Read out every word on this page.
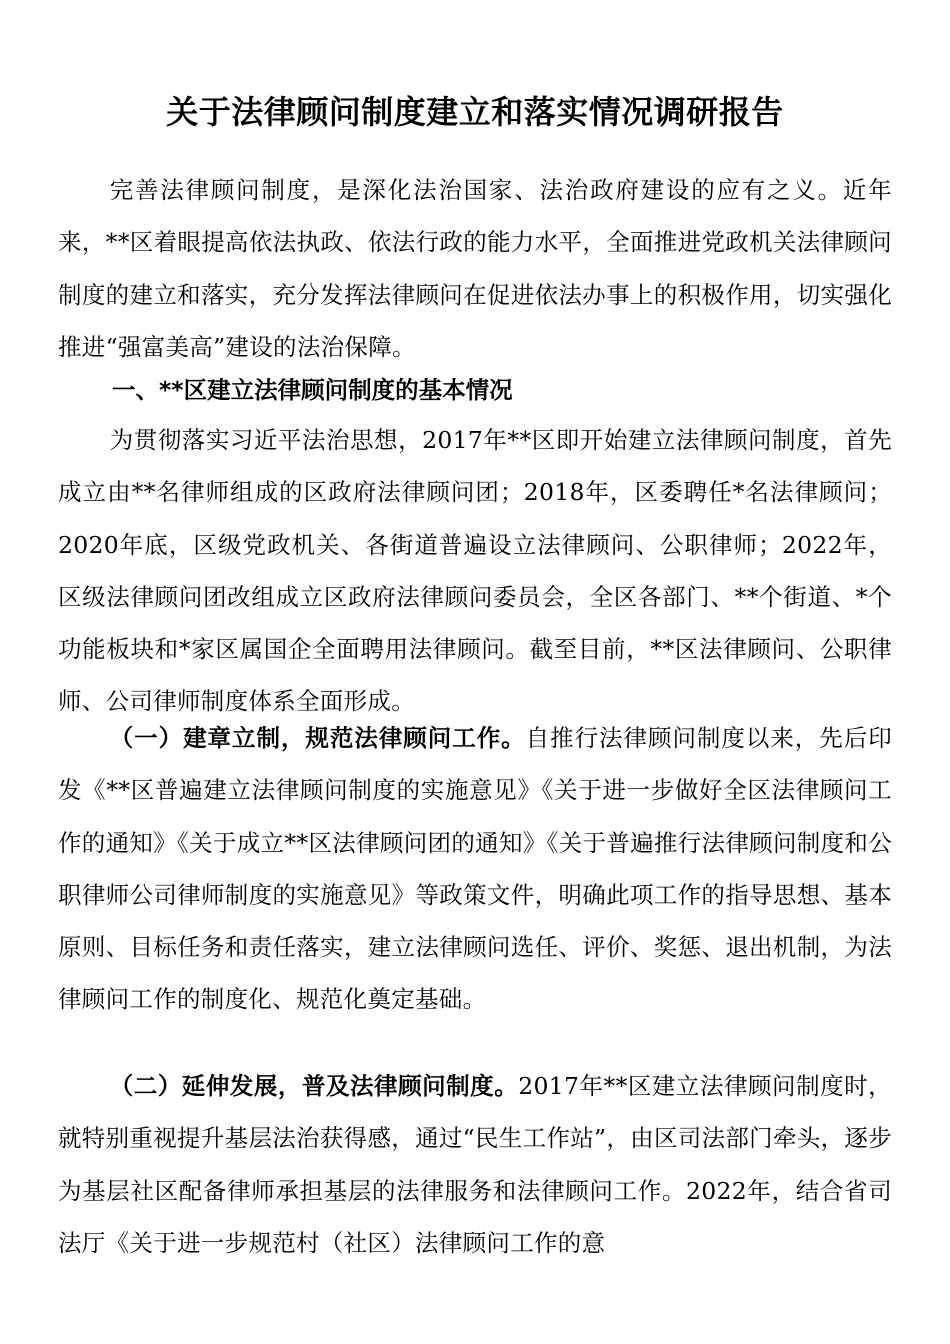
关于法律顾问制度建立和落实情况调研报告

完善法律顾问制度，是深化法治国家、法治政府建设的应有之义。近年来，**区着眼提高依法执政、依法行政的能力水平，全面推进党政机关法律顾问制度的建立和落实，充分发挥法律顾问在促进依法办事上的积极作用，切实强化推进“强富美高”建设的法治保障。

一、**区建立法律顾问制度的基本情况

为贯彻落实习近平法治思想，2017年**区即开始建立法律顾问制度，首先成立由**名律师组成的区政府法律顾问团；2018年，区委聘任*名法律顾问；2020年底，区级党政机关、各街道普遍设立法律顾问、公职律师；2022年，区级法律顾问团改组成立区政府法律顾问委员会，全区各部门、**个街道、*个功能板块和*家区属国企全面聘用法律顾问。截至目前，**区法律顾问、公职律师、公司律师制度体系全面形成。

（一）建章立制，规范法律顾问工作。自推行法律顾问制度以来，先后印发《**区普遍建立法律顾问制度的实施意见》《关于进一步做好全区法律顾问工作的通知》《关于成立**区法律顾问团的通知》《关于普遍推行法律顾问制度和公职律师公司律师制度的实施意见》等政策文件，明确此项工作的指导思想、基本原则、目标任务和责任落实，建立法律顾问选任、评价、奖惩、退出机制，为法律顾问工作的制度化、规范化奠定基础。

（二）延伸发展，普及法律顾问制度。2017年**区建立法律顾问制度时，就特别重视提升基层法治获得感，通过“民生工作站”，由区司法部门牵头，逐步为基层社区配备律师承担基层的法律服务和法律顾问工作。2022年，结合省司法厅《关于进一步规范村（社区）法律顾问工作的意
